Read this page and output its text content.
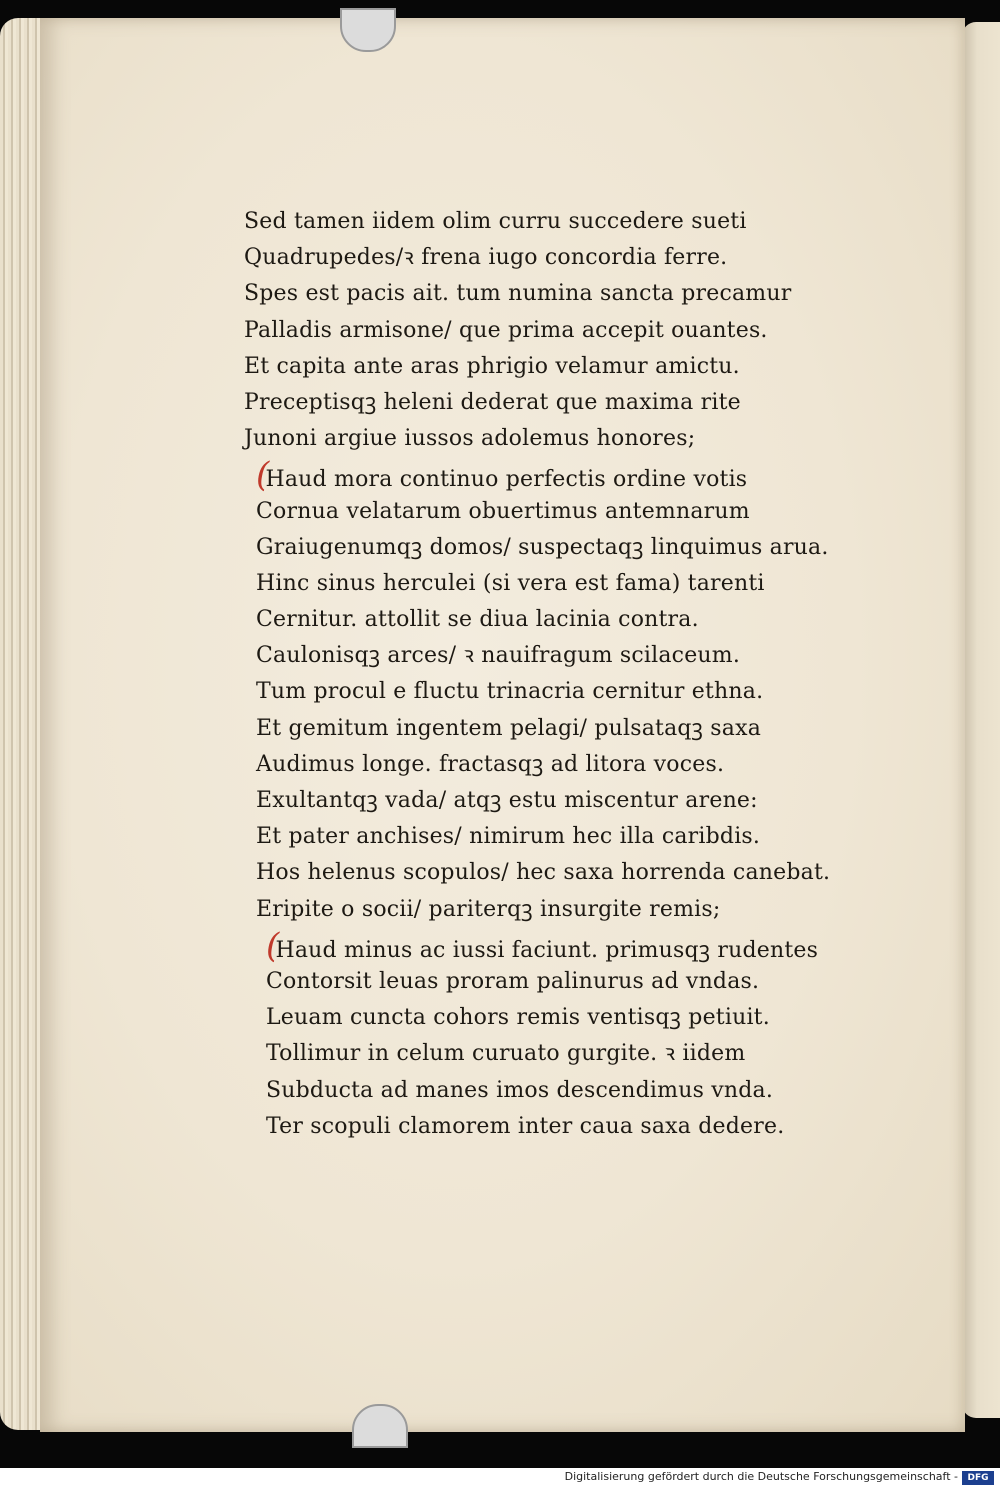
Sed tamen iidem olim curru succedere sueti
Quadrupedes/ꝛ frena iugo concordia ferre.
Spes est pacis ait. tum numina sancta precamur
Palladis armisone/ que prima accepit ouantes.
Et capita ante aras phrigio velamur amictu.
Preceptisqꝫ heleni dederat que maxima rite
Junoni argiue iussos adolemus honores;
(Haud mora continuo perfectis ordine votis
Cornua velatarum obuertimus antemnarum
Graiugenumqꝫ domos/ suspectaqꝫ linquimus arua.
Hinc sinus herculei (si vera est fama) tarenti
Cernitur. attollit se diua lacinia contra.
Caulonisqꝫ arces/ ꝛ nauifragum scilaceum.
Tum procul e fluctu trinacria cernitur ethna.
Et gemitum ingentem pelagi/ pulsataqꝫ saxa
Audimus longe. fractasqꝫ ad litora voces.
Exultantqꝫ vada/ atqꝫ estu miscentur arene:
Et pater anchises/ nimirum hec illa caribdis.
Hos helenus scopulos/ hec saxa horrenda canebat.
Eripite o socii/ pariterqꝫ insurgite remis;
(Haud minus ac iussi faciunt. primusqꝫ rudentes
Contorsit leuas proram palinurus ad vndas.
Leuam cuncta cohors remis ventisqꝫ petiuit.
Tollimur in celum curuato gurgite. ꝛ iidem
Subducta ad manes imos descendimus vnda.
Ter scopuli clamorem inter caua saxa dedere.
Digitalisierung gefördert durch die Deutsche Forschungsgemeinschaft -	DFG
